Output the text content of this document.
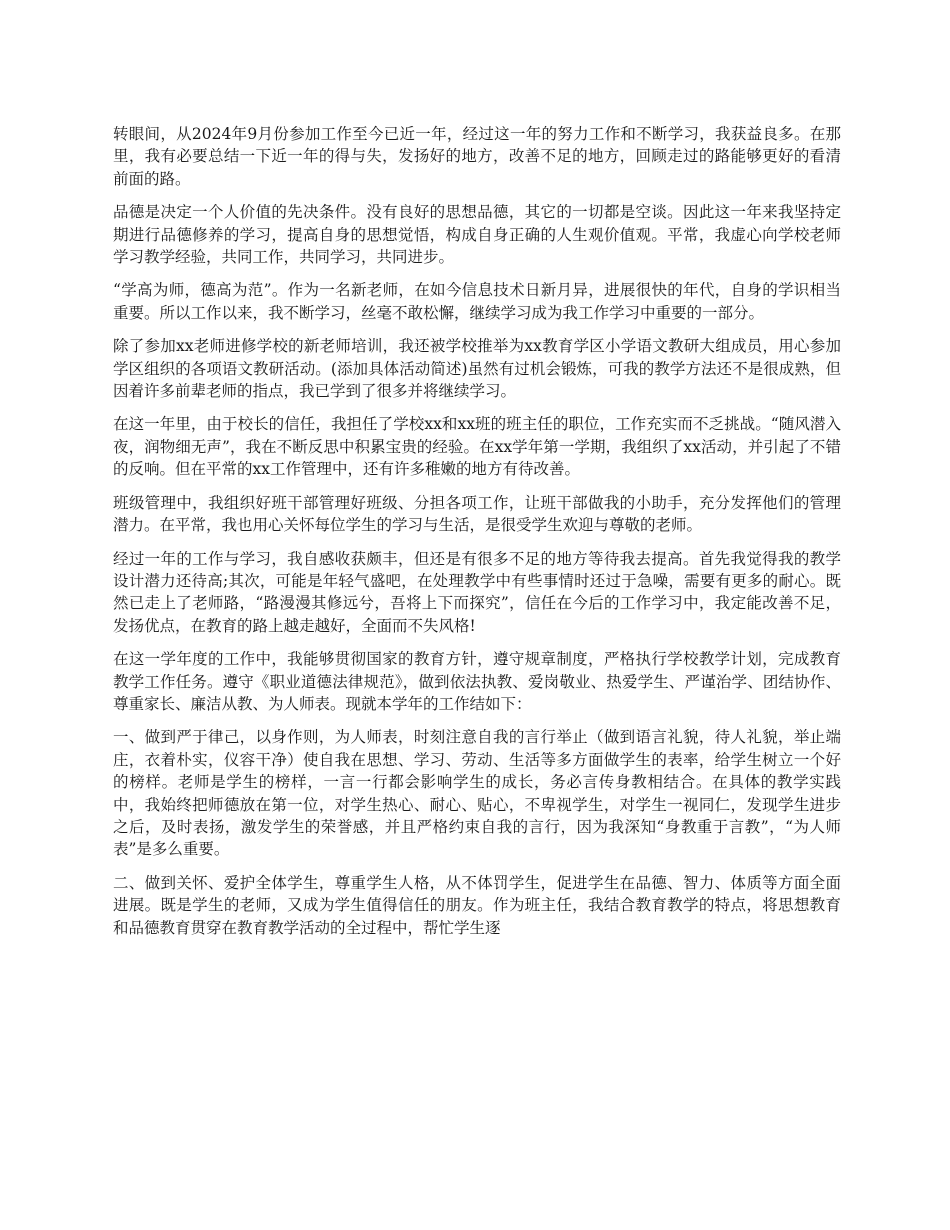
转眼间，从2024年9月份参加工作至今已近一年，经过这一年的努力工作和不断学习，我获益良多。在那里，我有必要总结一下近一年的得与失，发扬好的地方，改善不足的地方，回顾走过的路能够更好的看清前面的路。

品德是决定一个人价值的先决条件。没有良好的思想品德，其它的一切都是空谈。因此这一年来我坚持定期进行品德修养的学习，提高自身的思想觉悟，构成自身正确的人生观价值观。平常，我虚心向学校老师学习教学经验，共同工作，共同学习，共同进步。

“学高为师，德高为范”。作为一名新老师，在如今信息技术日新月异，进展很快的年代，自身的学识相当重要。所以工作以来，我不断学习，丝毫不敢松懈，继续学习成为我工作学习中重要的一部分。

除了参加xx老师进修学校的新老师培训，我还被学校推举为xx教育学区小学语文教研大组成员，用心参加学区组织的各项语文教研活动。(添加具体活动简述)虽然有过机会锻炼，可我的教学方法还不是很成熟，但因着许多前辈老师的指点，我已学到了很多并将继续学习。

在这一年里，由于校长的信任，我担任了学校xx和xx班的班主任的职位，工作充实而不乏挑战。“随风潜入夜，润物细无声”，我在不断反思中积累宝贵的经验。在xx学年第一学期，我组织了xx活动，并引起了不错的反响。但在平常的xx工作管理中，还有许多稚嫩的地方有待改善。

班级管理中，我组织好班干部管理好班级、分担各项工作，让班干部做我的小助手，充分发挥他们的管理潜力。在平常，我也用心关怀每位学生的学习与生活，是很受学生欢迎与尊敬的老师。

经过一年的工作与学习，我自感收获颇丰，但还是有很多不足的地方等待我去提高。首先我觉得我的教学设计潜力还待高;其次，可能是年轻气盛吧，在处理教学中有些事情时还过于急噪，需要有更多的耐心。既然已走上了老师路，“路漫漫其修远兮，吾将上下而探究”，信任在今后的工作学习中，我定能改善不足，发扬优点，在教育的路上越走越好，全面而不失风格!

在这一学年度的工作中，我能够贯彻国家的教育方针，遵守规章制度，严格执行学校教学计划，完成教育教学工作任务。遵守《职业道德法律规范》，做到依法执教、爱岗敬业、热爱学生、严谨治学、团结协作、尊重家长、廉洁从教、为人师表。现就本学年的工作结如下：

一、做到严于律己，以身作则，为人师表，时刻注意自我的言行举止（做到语言礼貌，待人礼貌，举止端庄，衣着朴实，仪容干净）使自我在思想、学习、劳动、生活等多方面做学生的表率，给学生树立一个好的榜样。老师是学生的榜样，一言一行都会影响学生的成长，务必言传身教相结合。在具体的教学实践中，我始终把师德放在第一位，对学生热心、耐心、贴心，不卑视学生，对学生一视同仁，发现学生进步之后，及时表扬，激发学生的荣誉感，并且严格约束自我的言行，因为我深知“身教重于言教”，“为人师表”是多么重要。

二、做到关怀、爱护全体学生，尊重学生人格，从不体罚学生，促进学生在品德、智力、体质等方面全面进展。既是学生的老师，又成为学生值得信任的朋友。作为班主任，我结合教育教学的特点，将思想教育和品德教育贯穿在教育教学活动的全过程中，帮忙学生逐
